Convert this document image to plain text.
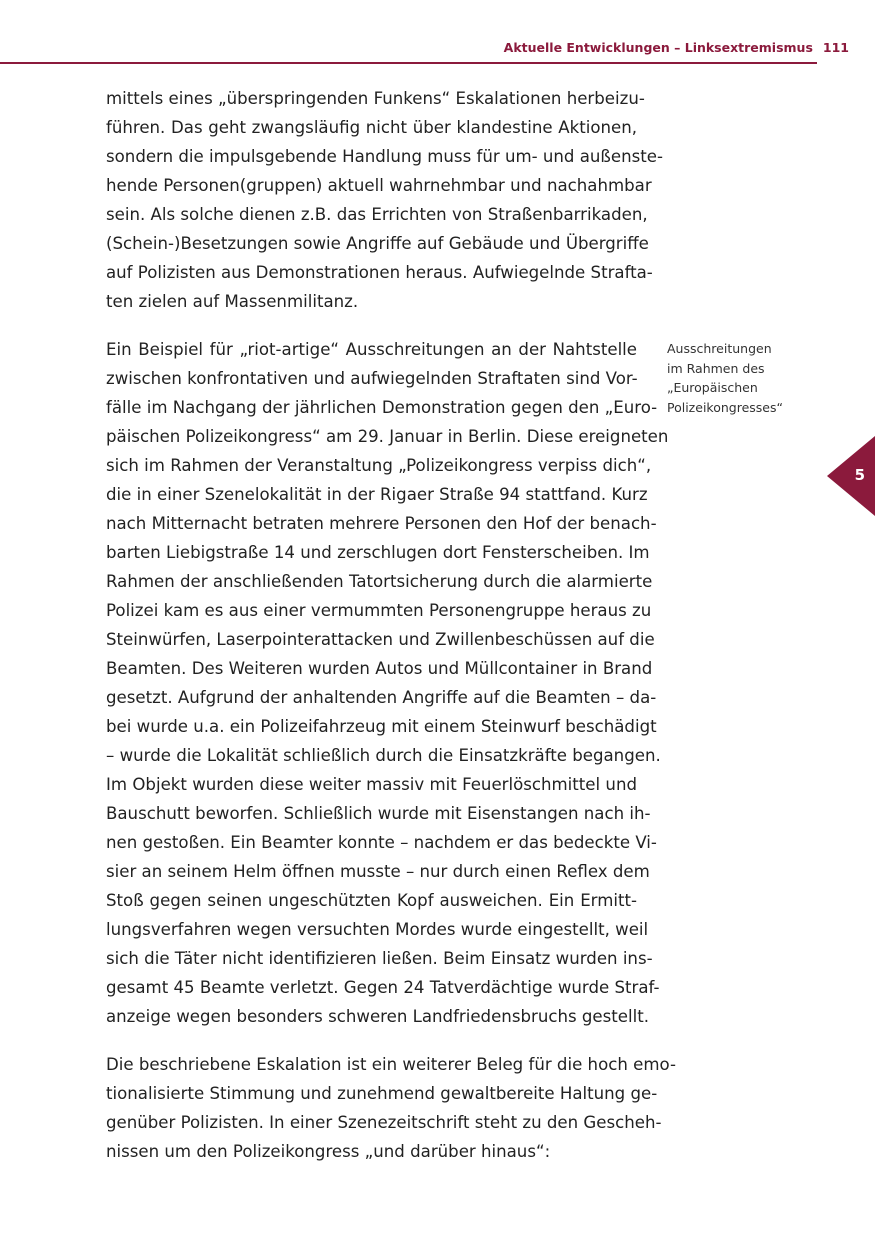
Aktuelle Entwicklungen – Linksextremismus 111
Ausschreitungen
im Rahmen des
„Europäischen
Polizeikongresses“
5

mittels eines „überspringenden Funkens“ Eskalationen herbeizu-
führen. Das geht zwangsläufig nicht über klandestine Aktionen,
sondern die impulsgebende Handlung muss für um- und außenste-
hende Personen(gruppen) aktuell wahrnehmbar und nachahmbar
sein. Als solche dienen z.B. das Errichten von Straßenbarrikaden,
(Schein-)Besetzungen sowie Angriffe auf Gebäude und Übergriffe
auf Polizisten aus Demonstrationen heraus. Aufwiegelnde Strafta-
ten zielen auf Massenmilitanz.

Ein Beispiel für „riot-artige“ Ausschreitungen an der Nahtstelle
zwischen konfrontativen und aufwiegelnden Straftaten sind Vor-
fälle im Nachgang der jährlichen Demonstration gegen den „Euro-
päischen Polizeikongress“ am 29. Januar in Berlin. Diese ereigneten
sich im Rahmen der Veranstaltung „Polizeikongress verpiss dich“,
die in einer Szenelokalität in der Rigaer Straße 94 stattfand. Kurz
nach Mitternacht betraten mehrere Personen den Hof der benach-
barten Liebigstraße 14 und zerschlugen dort Fensterscheiben. Im
Rahmen der anschließenden Tatortsicherung durch die alarmierte
Polizei kam es aus einer vermummten Personengruppe heraus zu
Steinwürfen, Laserpointerattacken und Zwillenbeschüssen auf die
Beamten. Des Weiteren wurden Autos und Müllcontainer in Brand
gesetzt. Aufgrund der anhaltenden Angriffe auf die Beamten – da-
bei wurde u.a. ein Polizeifahrzeug mit einem Steinwurf beschädigt
– wurde die Lokalität schließlich durch die Einsatzkräfte begangen.
Im Objekt wurden diese weiter massiv mit Feuerlöschmittel und
Bauschutt beworfen. Schließlich wurde mit Eisenstangen nach ih-
nen gestoßen. Ein Beamter konnte – nachdem er das bedeckte Vi-
sier an seinem Helm öffnen musste – nur durch einen Reflex dem
Stoß gegen seinen ungeschützten Kopf ausweichen. Ein Ermitt-
lungsverfahren wegen versuchten Mordes wurde eingestellt, weil
sich die Täter nicht identifizieren ließen. Beim Einsatz wurden ins-
gesamt 45 Beamte verletzt. Gegen 24 Tatverdächtige wurde Straf-
anzeige wegen besonders schweren Landfriedensbruchs gestellt.

Die beschriebene Eskalation ist ein weiterer Beleg für die hoch emo-
tionalisierte Stimmung und zunehmend gewaltbereite Haltung ge-
genüber Polizisten. In einer Szenezeitschrift steht zu den Gescheh-
nissen um den Polizeikongress „und darüber hinaus“:
